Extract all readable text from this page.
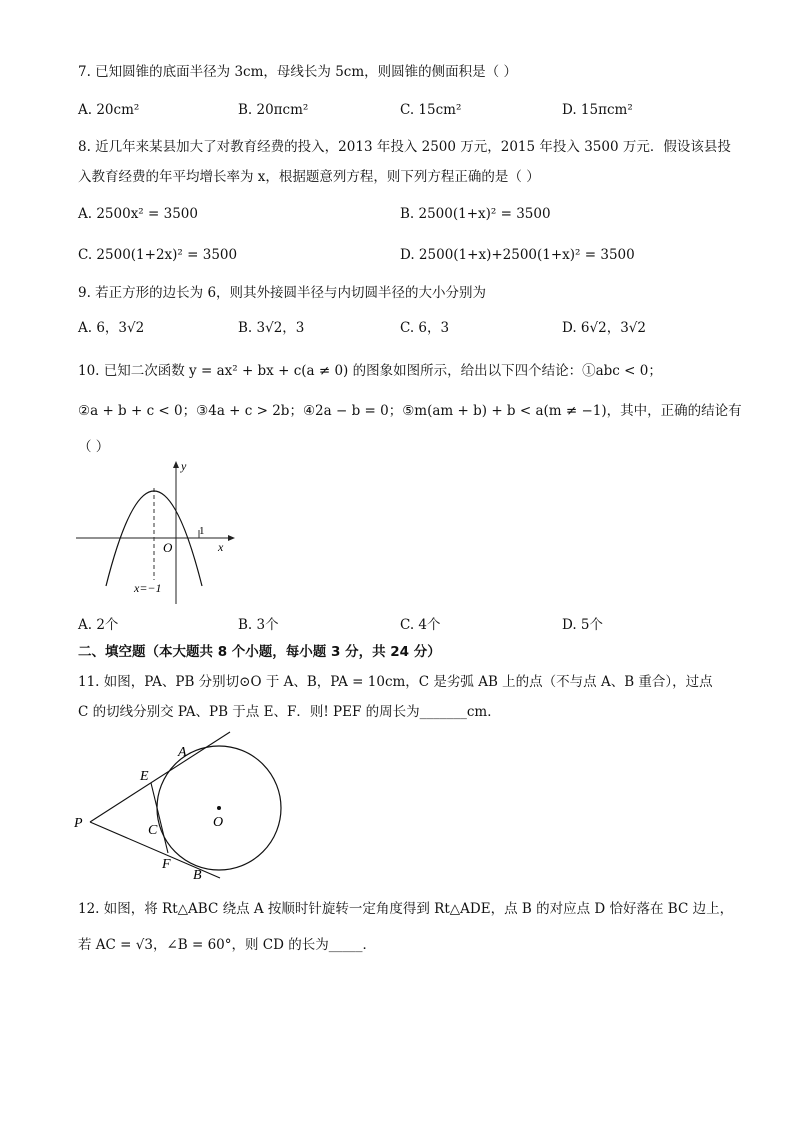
7. 已知圆锥的底面半径为 3cm，母线长为 5cm，则圆锥的侧面积是（ ）
A. 20cm²	B. 20πcm²	C. 15cm²	D. 15πcm²
8. 近几年来某县加大了对教育经费的投入，2013 年投入 2500 万元，2015 年投入 3500 万元．假设该县投
入教育经费的年平均增长率为 x，根据题意列方程，则下列方程正确的是（ ）
A. 2500x² = 3500	B. 2500(1+x)² = 3500
C. 2500(1+2x)² = 3500	D. 2500(1+x)+2500(1+x)² = 3500
9. 若正方形的边长为 6，则其外接圆半径与内切圆半径的大小分别为
A. 6，3√2	B. 3√2，3	C. 6，3	D. 6√2，3√2
10. 已知二次函数 y = ax² + bx + c(a ≠ 0) 的图象如图所示，给出以下四个结论：①abc < 0；
②a + b + c < 0；③4a + c > 2b；④2a − b = 0；⑤m(am + b) + b < a(m ≠ −1)，其中，正确的结论有
（ ）
y
x
O
1
x=−1
A. 2个	B. 3个	C. 4个	D. 5个
二、填空题（本大题共 8 个小题，每小题 3 分，共 24 分）
11. 如图，PA、PB 分别切⊙O 于 A、B，PA = 10cm，C 是劣弧 AB 上的点（不与点 A、B 重合），过点
C 的切线分别交 PA、PB 于点 E、F．则! PEF 的周长为_______cm．
A
E
P	C
O
F
B
12. 如图，将 Rt△ABC 绕点 A 按顺时针旋转一定角度得到 Rt△ADE，点 B 的对应点 D 恰好落在 BC 边上，
若 AC = √3，∠B = 60°，则 CD 的长为_____．
